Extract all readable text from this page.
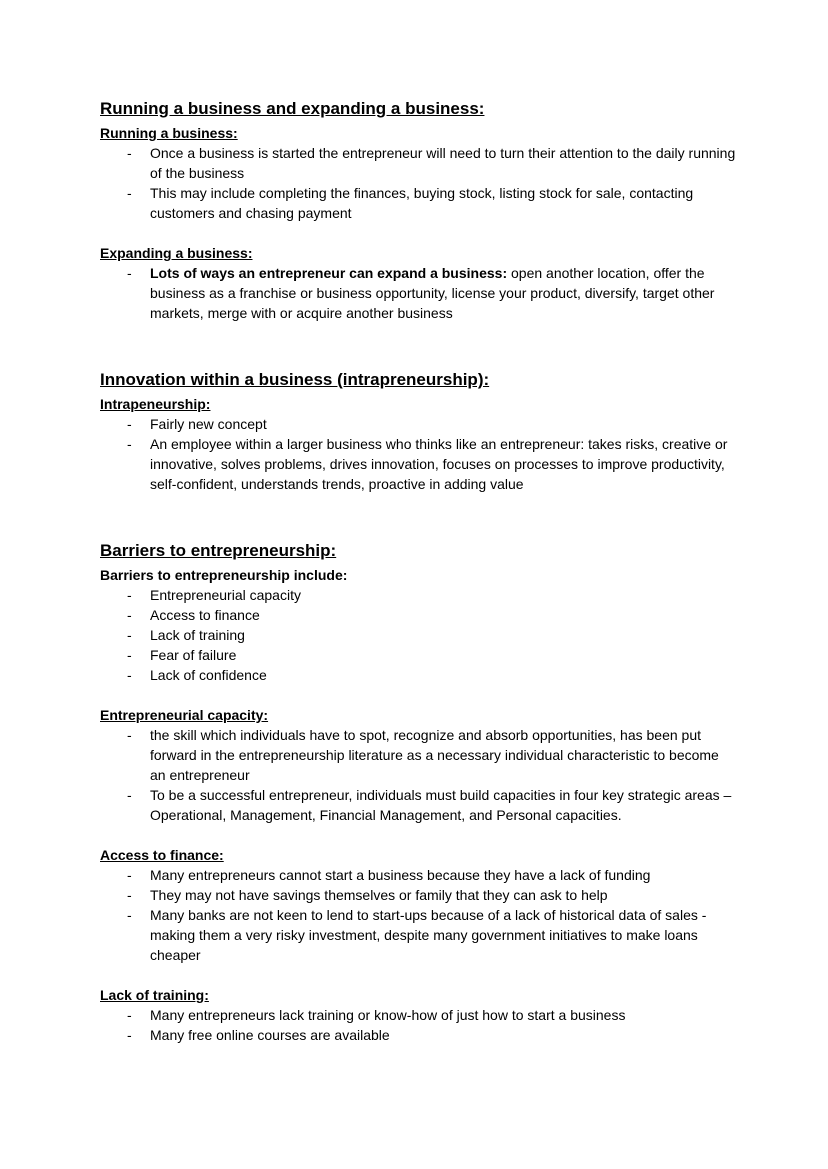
Running a business and expanding a business:
Running a business:
- Once a business is started the entrepreneur will need to turn their attention to the daily running of the business
- This may include completing the finances, buying stock, listing stock for sale, contacting customers and chasing payment
Expanding a business:
- Lots of ways an entrepreneur can expand a business: open another location, offer the business as a franchise or business opportunity, license your product, diversify, target other markets, merge with or acquire another business
Innovation within a business (intrapreneurship):
Intrapeneurship:
- Fairly new concept
- An employee within a larger business who thinks like an entrepreneur: takes risks, creative or innovative, solves problems, drives innovation, focuses on processes to improve productivity, self-confident, understands trends, proactive in adding value
Barriers to entrepreneurship:
Barriers to entrepreneurship include:
- Entrepreneurial capacity
- Access to finance
- Lack of training
- Fear of failure
- Lack of confidence
Entrepreneurial capacity:
- the skill which individuals have to spot, recognize and absorb opportunities, has been put forward in the entrepreneurship literature as a necessary individual characteristic to become an entrepreneur
- To be a successful entrepreneur, individuals must build capacities in four key strategic areas – Operational, Management, Financial Management, and Personal capacities.
Access to finance:
- Many entrepreneurs cannot start a business because they have a lack of funding
- They may not have savings themselves or family that they can ask to help
- Many banks are not keen to lend to start-ups because of a lack of historical data of sales - making them a very risky investment, despite many government initiatives to make loans cheaper
Lack of training:
- Many entrepreneurs lack training or know-how of just how to start a business
- Many free online courses are available
